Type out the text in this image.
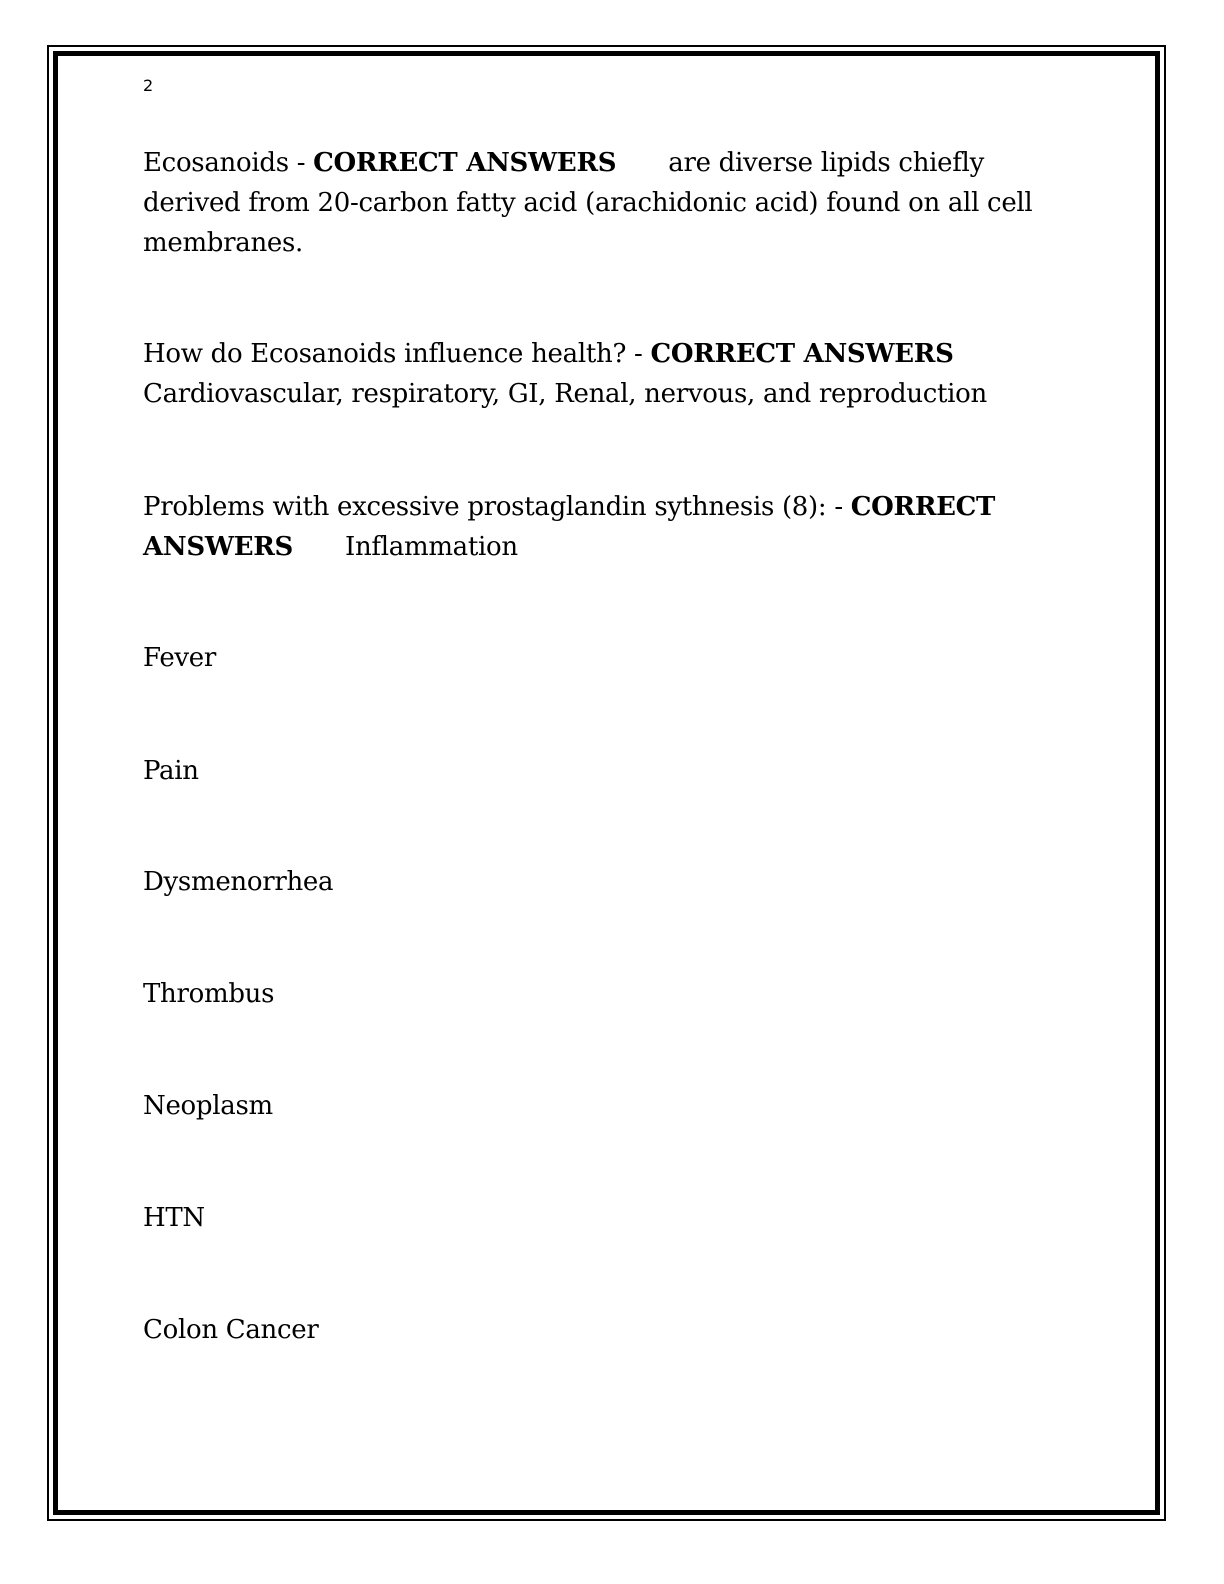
2

Ecosanoids - CORRECT ANSWERS are diverse lipids chiefly derived from 20-carbon fatty acid (arachidonic acid) found on all cell membranes.

How do Ecosanoids influence health? - CORRECT ANSWERS
Cardiovascular, respiratory, GI, Renal, nervous, and reproduction

Problems with excessive prostaglandin sythnesis (8): - CORRECT ANSWERS Inflammation

Fever

Pain

Dysmenorrhea

Thrombus

Neoplasm

HTN

Colon Cancer
